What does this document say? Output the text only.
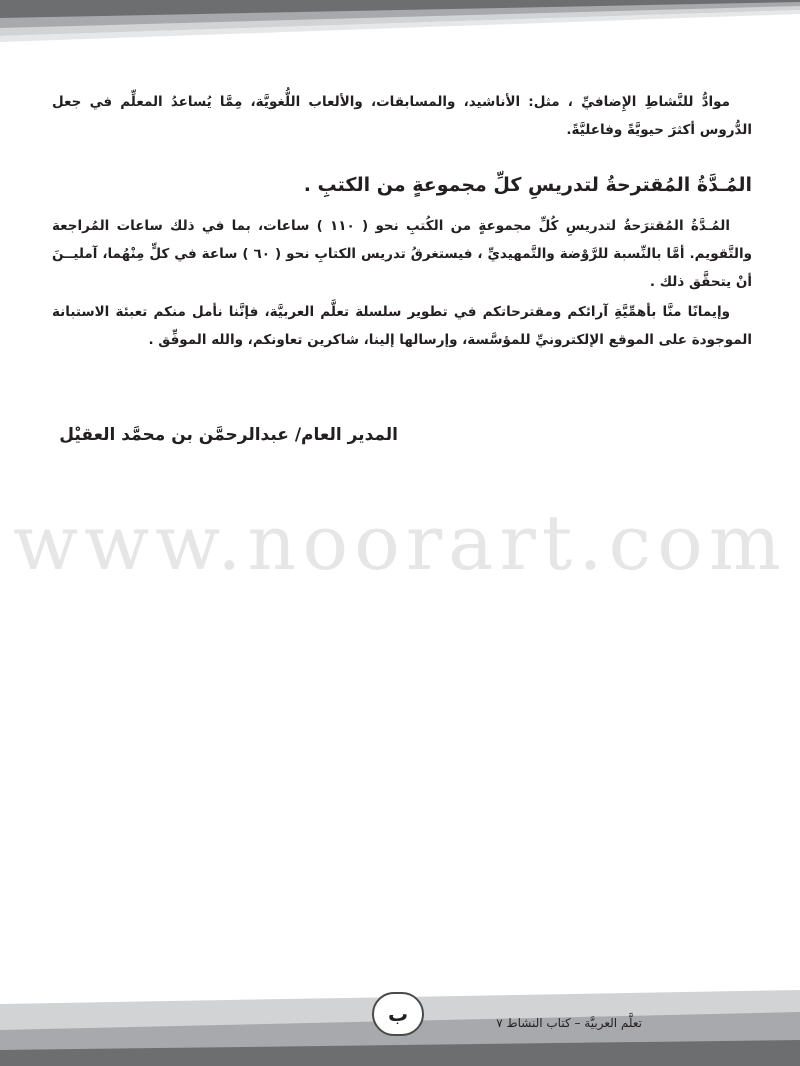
موادُّ للنَّشاطِ الإِضافيِّ ، مثل: الأناشيد، والمسابقات، والألعاب اللُّغويَّة، مِمَّا يُساعدُ المعلِّم في جعل الدُّروس أكثرَ حيويَّةً وفاعليَّةً.

المُـدَّةُ المُقترحةُ لتدريسِ كلِّ مجموعةٍ من الكتبِ .

المُـدَّةُ المُقترَحةُ لتدريسِ كُلِّ مجموعةٍ من الكُتبِ نحو ( ١١٠ ) ساعات، بما في ذلك ساعات المُراجعة والتَّقويم. أمَّا بالنِّسبة للرَّوْضة والتَّمهيديِّ ، فيستغرقُ تدريس الكتابِ نحو ( ٦٠ ) ساعة في كلٍّ مِنْهُما، آمليــنَ أنْ يتحقَّق ذلك .

وإيمانًا منَّا بأهمِّيَّةِ آرائكم ومقترحاتكم في تطوير سلسلة تعلَّم العربيَّة، فإنَّنا نأمل منكم تعبئة الاستبانة الموجودة على الموقع الإلكترونيِّ للمؤسَّسة، وإرسالها إلينا، شاكرين تعاونكم، والله الموفِّق .

المدير العام/ عبدالرحمَّن بن محمَّد العقيْل
www.noorart.com
ب	تعلَّم العربيَّة – كتاب النشاط ٧
